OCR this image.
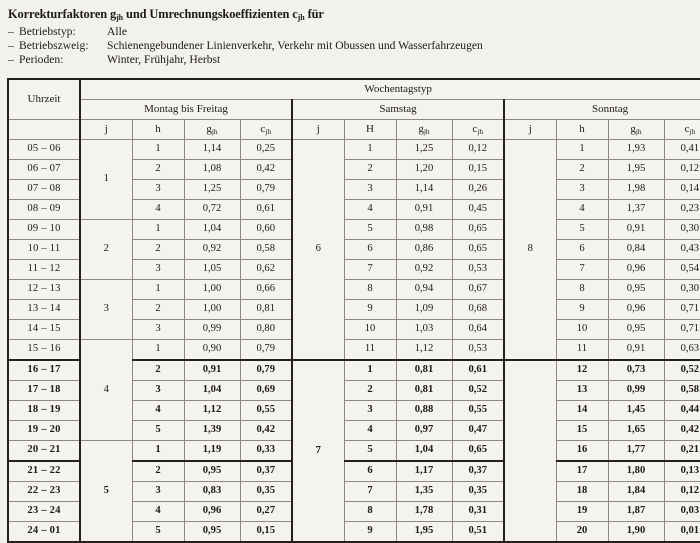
Korrekturfaktoren $g_{jh}$ und Umrechnungskoeffizienten $c_{jh}$ für
– Betriebstyp:	Alle
– Betriebszweig:	Schienengebundener Linienverkehr, Verkehr mit Obussen und Wasserfahrzeugen
– Perioden:	Winter, Frühjahr, Herbst
Uhrzeit	Wochentagstyp											
	Montag bis Freitag				Samstag				Sonntag			
	j	h	$g_{jh}$	$c_{jh}$	j	H	$g_{jh}$	$c_{jh}$	j	h	$g_{jh}$	$c_{jh}$
05 – 06	1	1	1,14	0,25	6	1	1,25	0,12	8	1	1,93	0,41
06 – 07		2	1,08	0,42		2	1,20	0,15		2	1,95	0,12
07 – 08		3	1,25	0,79		3	1,14	0,26		3	1,98	0,14
08 – 09		4	0,72	0,61		4	0,91	0,45		4	1,37	0,23
09 – 10	2	1	1,04	0,60		5	0,98	0,65		5	0,91	0,30
10 – 11		2	0,92	0,58		6	0,86	0,65		6	0,84	0,43
11 – 12		3	1,05	0,62		7	0,92	0,53		7	0,96	0,54
12 – 13	3	1	1,00	0,66		8	0,94	0,67		8	0,95	0,30
13 – 14		2	1,00	0,81		9	1,09	0,68		9	0,96	0,71
14 – 15		3	0,99	0,80		10	1,03	0,64		10	0,95	0,71
15 – 16	4	1	0,90	0,79		11	1,12	0,53		11	0,91	0,63
16 – 17		2	0,91	0,79	7	1	0,81	0,61		12	0,73	0,52
17 – 18		3	1,04	0,69		2	0,81	0,52		13	0,99	0,58
18 – 19		4	1,12	0,55		3	0,88	0,55		14	1,45	0,44
19 – 20		5	1,39	0,42		4	0,97	0,47		15	1,65	0,42
20 – 21	5	1	1,19	0,33		5	1,04	0,65		16	1,77	0,21
21 – 22		2	0,95	0,37		6	1,17	0,37		17	1,80	0,13
22 – 23		3	0,83	0,35		7	1,35	0,35		18	1,84	0,12
23 – 24		4	0,96	0,27		8	1,78	0,31		19	1,87	0,03
24 – 01		5	0,95	0,15		9	1,95	0,51		20	1,90	0,01
